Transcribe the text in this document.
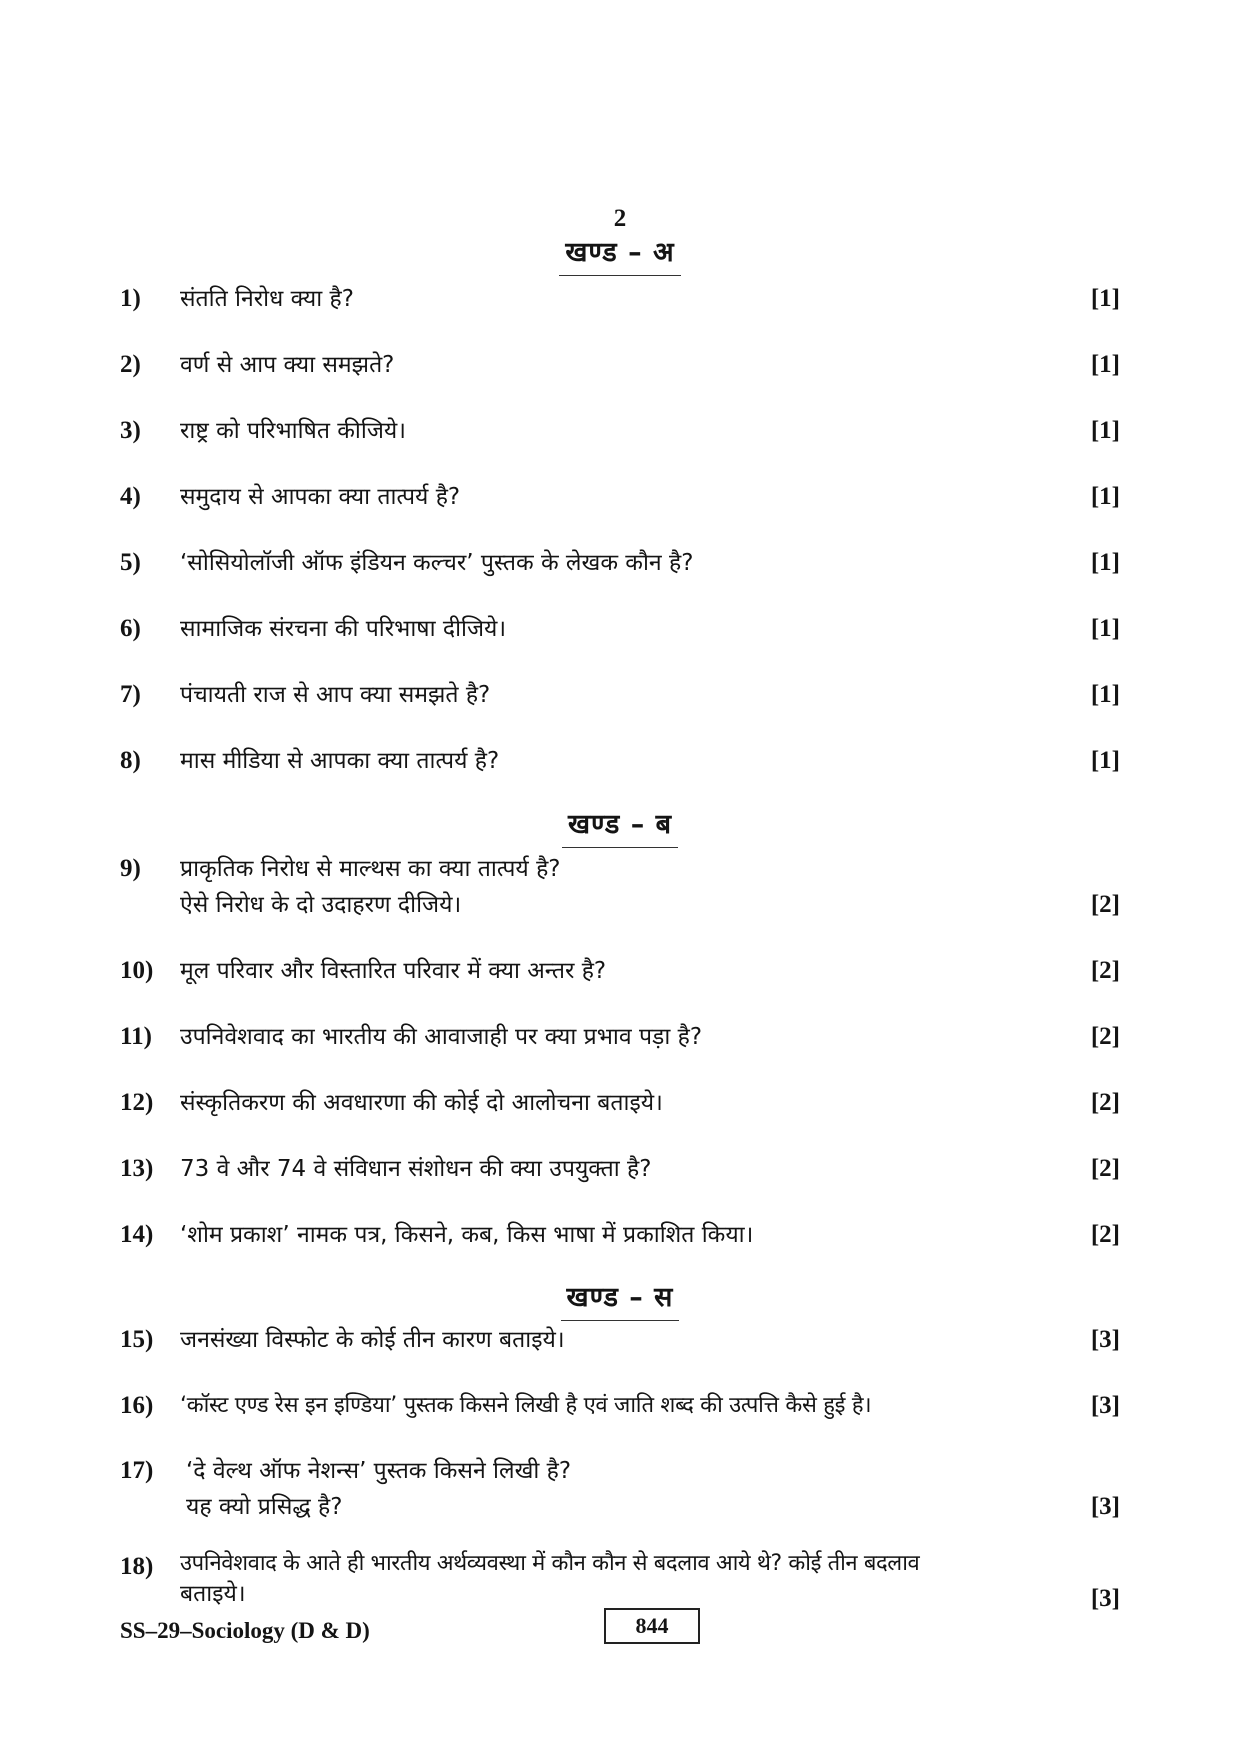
2
खण्ड – अ
1) संतति निरोध क्या है?	[1]
2) वर्ण से आप क्या समझते?	[1]
3) राष्ट्र को परिभाषित कीजिये।	[1]
4) समुदाय से आपका क्या तात्पर्य है?	[1]
5) ‘सोसियोलॉजी ऑफ इंडियन कल्चर’ पुस्तक के लेखक कौन है?	[1]
6) सामाजिक संरचना की परिभाषा दीजिये।	[1]
7) पंचायती राज से आप क्या समझते है?	[1]
8) मास मीडिया से आपका क्या तात्पर्य है?	[1]
खण्ड – ब
9) प्राकृतिक निरोध से माल्थस का क्या तात्पर्य है?
ऐसे निरोध के दो उदाहरण दीजिये।	[2]
10) मूल परिवार और विस्तारित परिवार में क्या अन्तर है?	[2]
11) उपनिवेशवाद का भारतीय की आवाजाही पर क्या प्रभाव पड़ा है?	[2]
12) संस्कृतिकरण की अवधारणा की कोई दो आलोचना बताइये।	[2]
13) 73 वे और 74 वे संविधान संशोधन की क्या उपयुक्ता है?	[2]
14) ‘शोम प्रकाश’ नामक पत्र, किसने, कब, किस भाषा में प्रकाशित किया।	[2]
खण्ड – स
15) जनसंख्या विस्फोट के कोई तीन कारण बताइये।	[3]
16) ‘कॉस्ट एण्ड रेस इन इण्डिया’ पुस्तक किसने लिखी है एवं जाति शब्द की उत्पत्ति कैसे हुई है।	[3]
17) ‘दे वेल्थ ऑफ नेशन्स’ पुस्तक किसने लिखी है?
यह क्यो प्रसिद्ध है?	[3]
18) उपनिवेशवाद के आते ही भारतीय अर्थव्यवस्था में कौन कौन से बदलाव आये थे? कोई तीन बदलाव
बताइये।	[3]
SS–29–Sociology (D & D)	844
